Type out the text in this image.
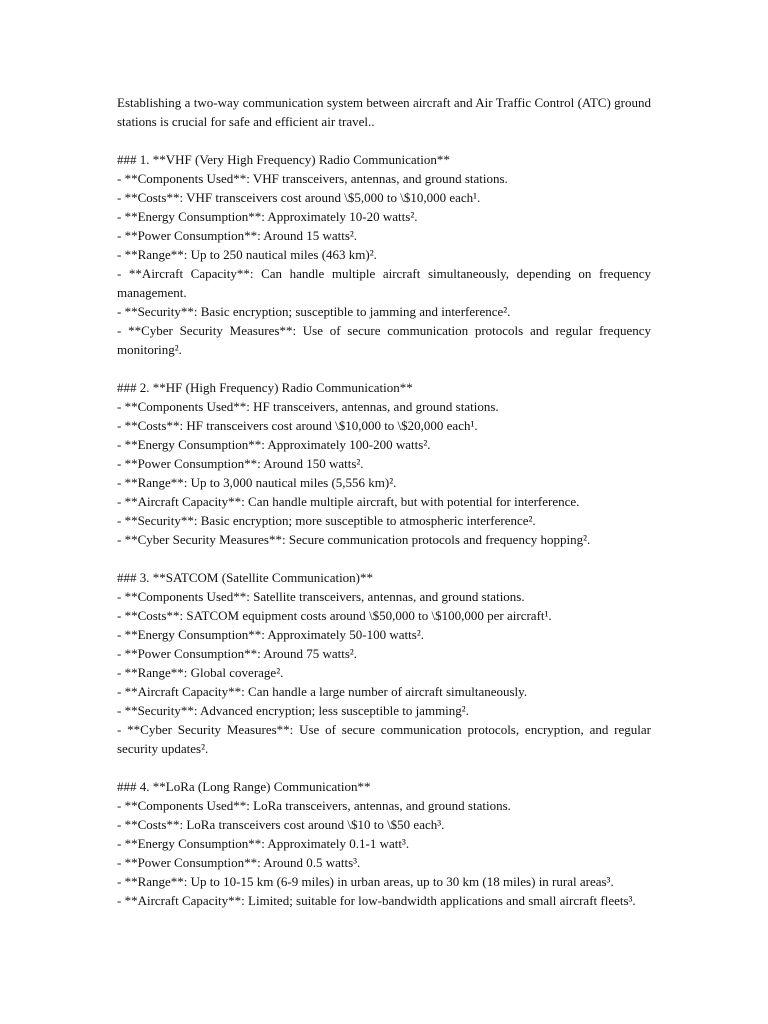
Establishing a two-way communication system between aircraft and Air Traffic Control (ATC) ground stations is crucial for safe and efficient air travel..

### 1. **VHF (Very High Frequency) Radio Communication**

- **Components Used**: VHF transceivers, antennas, and ground stations.

- **Costs**: VHF transceivers cost around \$5,000 to \$10,000 each¹.

- **Energy Consumption**: Approximately 10-20 watts².

- **Power Consumption**: Around 15 watts².

- **Range**: Up to 250 nautical miles (463 km)².

- **Aircraft Capacity**: Can handle multiple aircraft simultaneously, depending on frequency management.

- **Security**: Basic encryption; susceptible to jamming and interference².

- **Cyber Security Measures**: Use of secure communication protocols and regular frequency monitoring².

### 2. **HF (High Frequency) Radio Communication**

- **Components Used**: HF transceivers, antennas, and ground stations.

- **Costs**: HF transceivers cost around \$10,000 to \$20,000 each¹.

- **Energy Consumption**: Approximately 100-200 watts².

- **Power Consumption**: Around 150 watts².

- **Range**: Up to 3,000 nautical miles (5,556 km)².

- **Aircraft Capacity**: Can handle multiple aircraft, but with potential for interference.

- **Security**: Basic encryption; more susceptible to atmospheric interference².

- **Cyber Security Measures**: Secure communication protocols and frequency hopping².

### 3. **SATCOM (Satellite Communication)**

- **Components Used**: Satellite transceivers, antennas, and ground stations.

- **Costs**: SATCOM equipment costs around \$50,000 to \$100,000 per aircraft¹.

- **Energy Consumption**: Approximately 50-100 watts².

- **Power Consumption**: Around 75 watts².

- **Range**: Global coverage².

- **Aircraft Capacity**: Can handle a large number of aircraft simultaneously.

- **Security**: Advanced encryption; less susceptible to jamming².

- **Cyber Security Measures**: Use of secure communication protocols, encryption, and regular security updates².

### 4. **LoRa (Long Range) Communication**

- **Components Used**: LoRa transceivers, antennas, and ground stations.

- **Costs**: LoRa transceivers cost around \$10 to \$50 each³.

- **Energy Consumption**: Approximately 0.1-1 watt³.

- **Power Consumption**: Around 0.5 watts³.

- **Range**: Up to 10-15 km (6-9 miles) in urban areas, up to 30 km (18 miles) in rural areas³.

- **Aircraft Capacity**: Limited; suitable for low-bandwidth applications and small aircraft fleets³.
